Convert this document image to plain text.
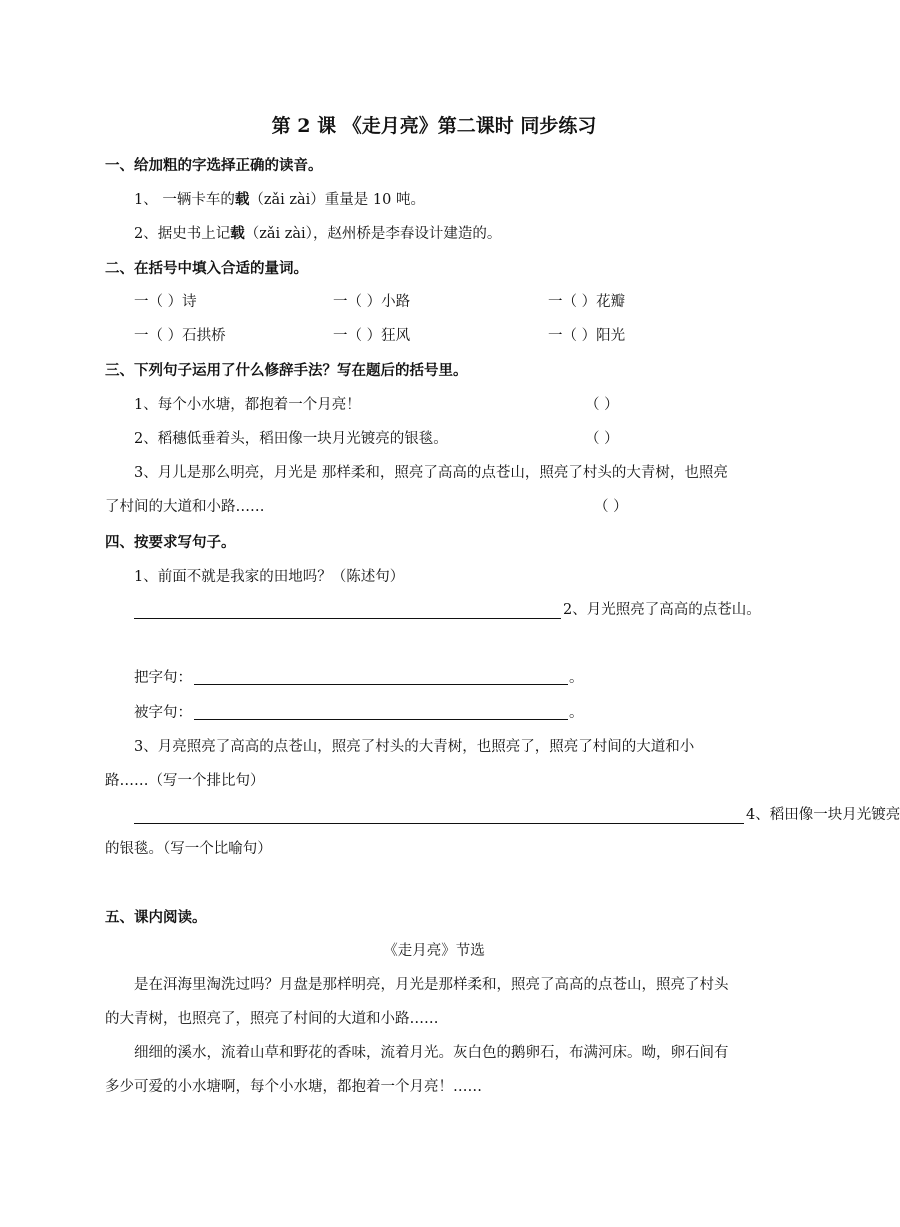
第 2 课 《走月亮》第二课时 同步练习
一、给加粗的字选择正确的读音。
1、 一辆卡车的载（zǎi zài）重量是 10 吨。
2、据史书上记载（zǎi zài），赵州桥是李春设计建造的。
二、在括号中填入合适的量词。
一（ ）诗	一（ ）小路	一（ ）花瓣
一（ ）石拱桥	一（ ）狂风	一（ ）阳光
三、下列句子运用了什么修辞手法？写在题后的括号里。
1、每个小水塘，都抱着一个月亮！	（ ）
2、稻穗低垂着头，稻田像一块月光镀亮的银毯。	（ ）
3、月儿是那么明亮，月光是 那样柔和，照亮了高高的点苍山，照亮了村头的大青树，也照亮
了村间的大道和小路……	（ ）
四、按要求写句子。
1、前面不就是我家的田地吗？（陈述句）
2、月光照亮了高高的点苍山。
把字句：	。
被字句：	。
3、月亮照亮了高高的点苍山，照亮了村头的大青树，也照亮了，照亮了村间的大道和小
路……（写一个排比句）
4、稻田像一块月光镀亮
的银毯。（写一个比喻句）
五、课内阅读。
《走月亮》节选
是在洱海里淘洗过吗？月盘是那样明亮，月光是那样柔和，照亮了高高的点苍山，照亮了村头
的大青树，也照亮了，照亮了村间的大道和小路……
细细的溪水，流着山草和野花的香味，流着月光。灰白色的鹅卵石，布满河床。呦，卵石间有
多少可爱的小水塘啊，每个小水塘，都抱着一个月亮！……
